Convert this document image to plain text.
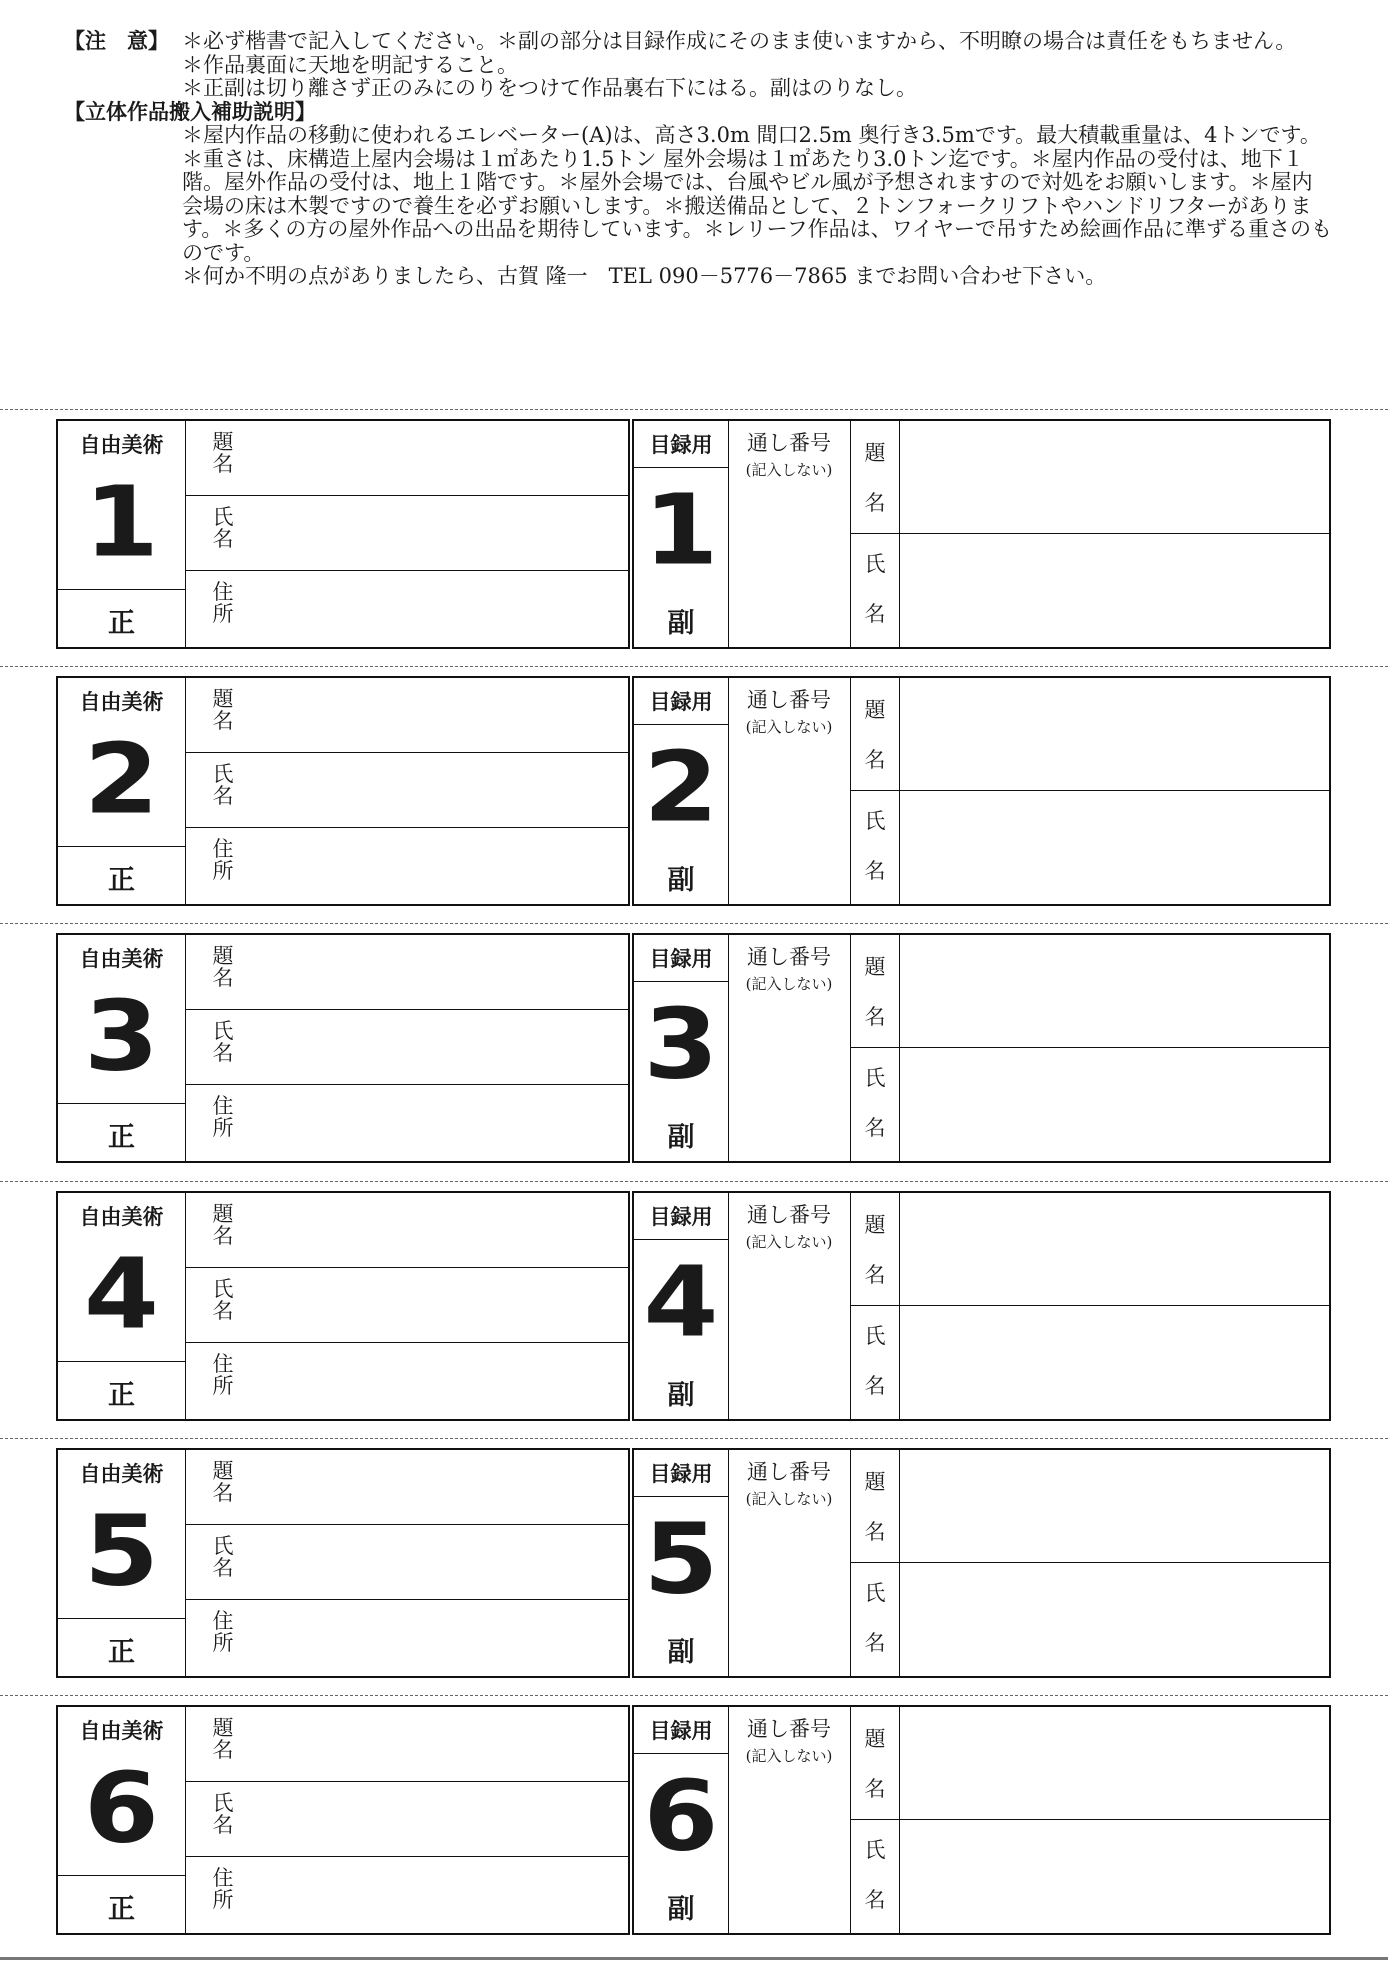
【注　意】 ＊必ず楷書で記入してください。＊副の部分は目録作成にそのまま使いますから、不明瞭の場合は責任をもちません。

＊作品裏面に天地を明記すること。

＊正副は切り離さず正のみにのりをつけて作品裏右下にはる。副はのりなし。

【立体作品搬入補助説明】

＊屋内作品の移動に使われるエレベーター(A)は、高さ3.0m 間口2.5m 奥行き3.5mです。最大積載重量は、4トンです。

＊重さは、床構造上屋内会場は１㎡あたり1.5トン 屋外会場は１㎡あたり3.0トン迄です。＊屋内作品の受付は、地下１階。屋外作品の受付は、地上１階です。＊屋外会場では、台風やビル風が予想されますので対処をお願いします。＊屋内会場の床は木製ですので養生を必ずお願いします。＊搬送備品として、２トンフォークリフトやハンドリフターがあります。＊多くの方の屋外作品への出品を期待しています。＊レリーフ作品は、ワイヤーで吊すため絵画作品に準ずる重さのものです。

＊何か不明の点がありましたら、古賀 隆一　TEL 090－5776－7865 までお問い合わせ下さい。

自由美術
1
正
題
名
氏
名
住
所
目録用
1
副
通し番号
(記入しない)
題
名
氏
名
自由美術
2
正
題
名
氏
名
住
所
目録用
2
副
通し番号
(記入しない)
題
名
氏
名
自由美術
3
正
題
名
氏
名
住
所
目録用
3
副
通し番号
(記入しない)
題
名
氏
名
自由美術
4
正
題
名
氏
名
住
所
目録用
4
副
通し番号
(記入しない)
題
名
氏
名
自由美術
5
正
題
名
氏
名
住
所
目録用
5
副
通し番号
(記入しない)
題
名
氏
名
自由美術
6
正
題
名
氏
名
住
所
目録用
6
副
通し番号
(記入しない)
題
名
氏
名
